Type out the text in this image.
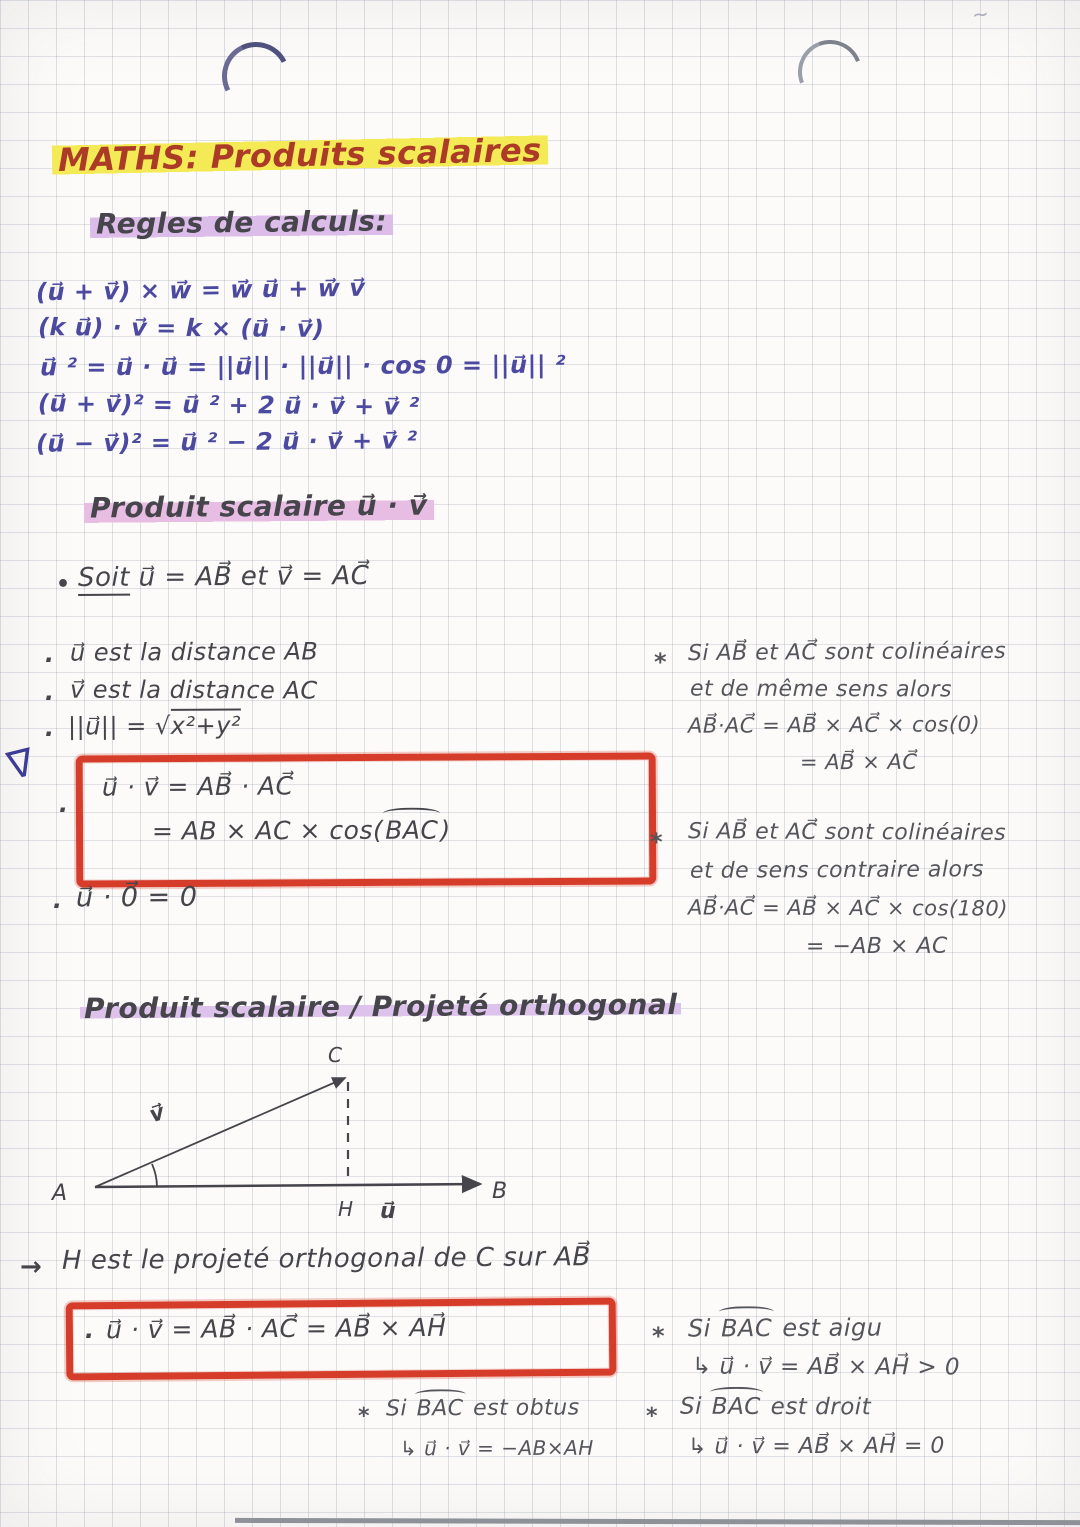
~
∇
MATHS: Produits scalaires
Regles de calculs:
(u⃗ + v⃗) × w⃗ = w⃗ u⃗ + w⃗ v⃗
(k u⃗) · v⃗ = k × (u⃗ · v⃗)
u⃗ ² = u⃗ · u⃗ = ||u⃗|| · ||u⃗|| · cos 0 = ||u⃗|| ²
(u⃗ + v⃗)² = u⃗ ² + 2 u⃗ · v⃗ + v⃗ ²
(u⃗ − v⃗)² = u⃗ ² − 2 u⃗ · v⃗ + v⃗ ²
Produit scalaire u⃗ · v⃗
• Soit u⃗ = AB⃗ et v⃗ = AC⃗
· u⃗ est la distance AB
· v⃗ est la distance AC
· ||u⃗|| = √x²+y²
·
u⃗ · v⃗ = AB⃗ · AC⃗
= AB × AC × cos(BAC)
· u⃗ · 0⃗ = 0
* Si AB⃗ et AC⃗ sont colinéaires
et de même sens alors
AB⃗·AC⃗ = AB⃗ × AC⃗ × cos(0)
= AB⃗ × AC⃗
* Si AB⃗ et AC⃗ sont colinéaires
et de sens contraire alors
AB⃗·AC⃗ = AB⃗ × AC⃗ × cos(180)
= −AB × AC
Produit scalaire / Projeté orthogonal
A	B
C
H
v⃗
u⃗
→ H est le projeté orthogonal de C sur AB⃗
· u⃗ · v⃗ = AB⃗ · AC⃗ = AB⃗ × AH⃗	* Si BAC est aigu
↳ u⃗ · v⃗ = AB⃗ × AH⃗ > 0
* Si BAC est obtus
↳ u⃗ · v⃗ = −AB×AH
* Si BAC est droit
↳ u⃗ · v⃗ = AB⃗ × AH⃗ = 0
